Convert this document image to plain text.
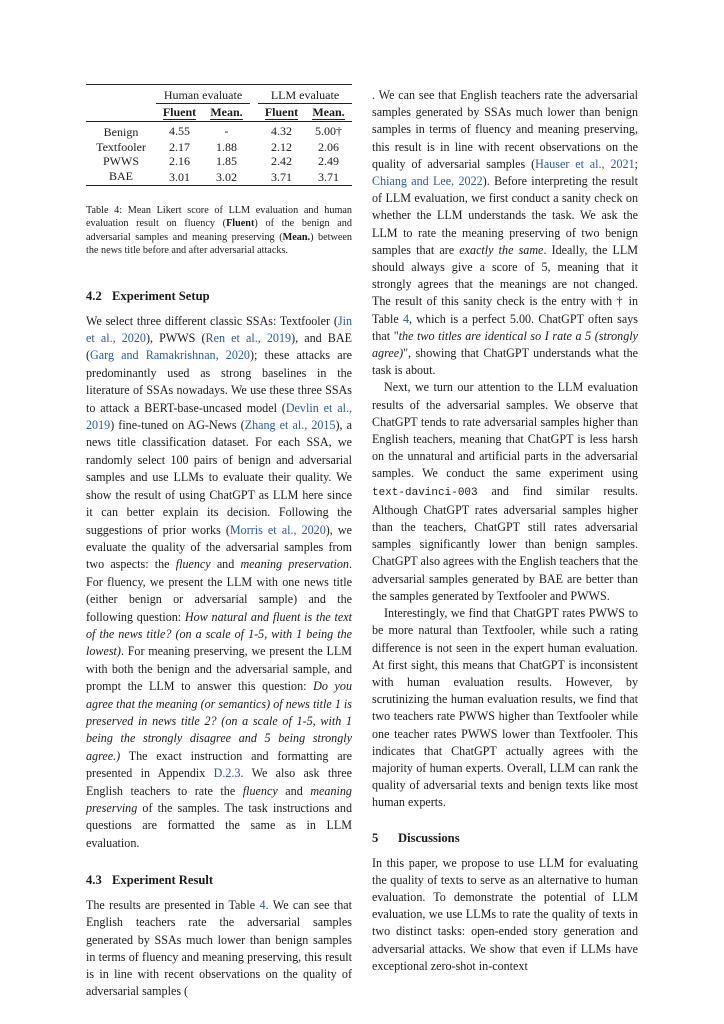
	Human evaluate			LLM evaluate	
	Fluent	Mean.		Fluent	Mean.
Benign	4.55	-		4.32	5.00†
Textfooler	2.17	1.88		2.12	2.06
PWWS	2.16	1.85		2.42	2.49
BAE	3.01	3.02		3.71	3.71
Table 4: Mean Likert score of LLM evaluation and human evaluation result on fluency (Fluent) of the benign and adversarial samples and meaning preserving (Mean.) between the news title before and after adversarial attacks.
4.2 Experiment Setup

We select three different classic SSAs: Textfooler (Jin et al., 2020), PWWS (Ren et al., 2019), and BAE (Garg and Ramakrishnan, 2020); these attacks are predominantly used as strong baselines in the literature of SSAs nowadays. We use these three SSAs to attack a BERT-base-uncased model (Devlin et al., 2019) fine-tuned on AG-News (Zhang et al., 2015), a news title classification dataset. For each SSA, we randomly select 100 pairs of benign and adversarial samples and use LLMs to evaluate their quality. We show the result of using ChatGPT as LLM here since it can better explain its decision. Following the suggestions of prior works (Morris et al., 2020), we evaluate the quality of the adversarial samples from two aspects: the fluency and meaning preservation. For fluency, we present the LLM with one news title (either benign or adversarial sample) and the following question: How natural and fluent is the text of the news title? (on a scale of 1-5, with 1 being the lowest). For meaning preserving, we present the LLM with both the benign and the adversarial sample, and prompt the LLM to answer this question: Do you agree that the meaning (or semantics) of news title 1 is preserved in news title 2? (on a scale of 1-5, with 1 being the strongly disagree and 5 being strongly agree.) The exact instruction and formatting are presented in Appendix D.2.3. We also ask three English teachers to rate the fluency and meaning preserving of the samples. The task instructions and questions are formatted the same as in LLM evaluation.

4.3 Experiment Result

The results are presented in Table 4. We can see that English teachers rate the adversarial samples generated by SSAs much lower than benign samples in terms of fluency and meaning preserving, this result is in line with recent observations on the quality of adversarial samples (

. We can see that English teachers rate the adversarial samples generated by SSAs much lower than benign samples in terms of fluency and meaning preserving, this result is in line with recent observations on the quality of adversarial samples (Hauser et al., 2021; Chiang and Lee, 2022). Before interpreting the result of LLM evaluation, we first conduct a sanity check on whether the LLM understands the task. We ask the LLM to rate the meaning preserving of two benign samples that are exactly the same. Ideally, the LLM should always give a score of 5, meaning that it strongly agrees that the meanings are not changed. The result of this sanity check is the entry with † in Table 4, which is a perfect 5.00. ChatGPT often says that "the two titles are identical so I rate a 5 (strongly agree)", showing that ChatGPT understands what the task is about.

Next, we turn our attention to the LLM evaluation results of the adversarial samples. We observe that ChatGPT tends to rate adversarial samples higher than English teachers, meaning that ChatGPT is less harsh on the unnatural and artificial parts in the adversarial samples. We conduct the same experiment using text-davinci-003 and find similar results. Although ChatGPT rates adversarial samples higher than the teachers, ChatGPT still rates adversarial samples significantly lower than benign samples. ChatGPT also agrees with the English teachers that the adversarial samples generated by BAE are better than the samples generated by Textfooler and PWWS.

Interestingly, we find that ChatGPT rates PWWS to be more natural than Textfooler, while such a rating difference is not seen in the expert human evaluation. At first sight, this means that ChatGPT is inconsistent with human evaluation results. However, by scrutinizing the human evaluation results, we find that two teachers rate PWWS higher than Textfooler while one teacher rates PWWS lower than Textfooler. This indicates that ChatGPT actually agrees with the majority of human experts. Overall, LLM can rank the quality of adversarial texts and benign texts like most human experts.

5 Discussions

In this paper, we propose to use LLM for evaluating the quality of texts to serve as an alternative to human evaluation. To demonstrate the potential of LLM evaluation, we use LLMs to rate the quality of texts in two distinct tasks: open-ended story generation and adversarial attacks. We show that even if LLMs have exceptional zero-shot in-context
